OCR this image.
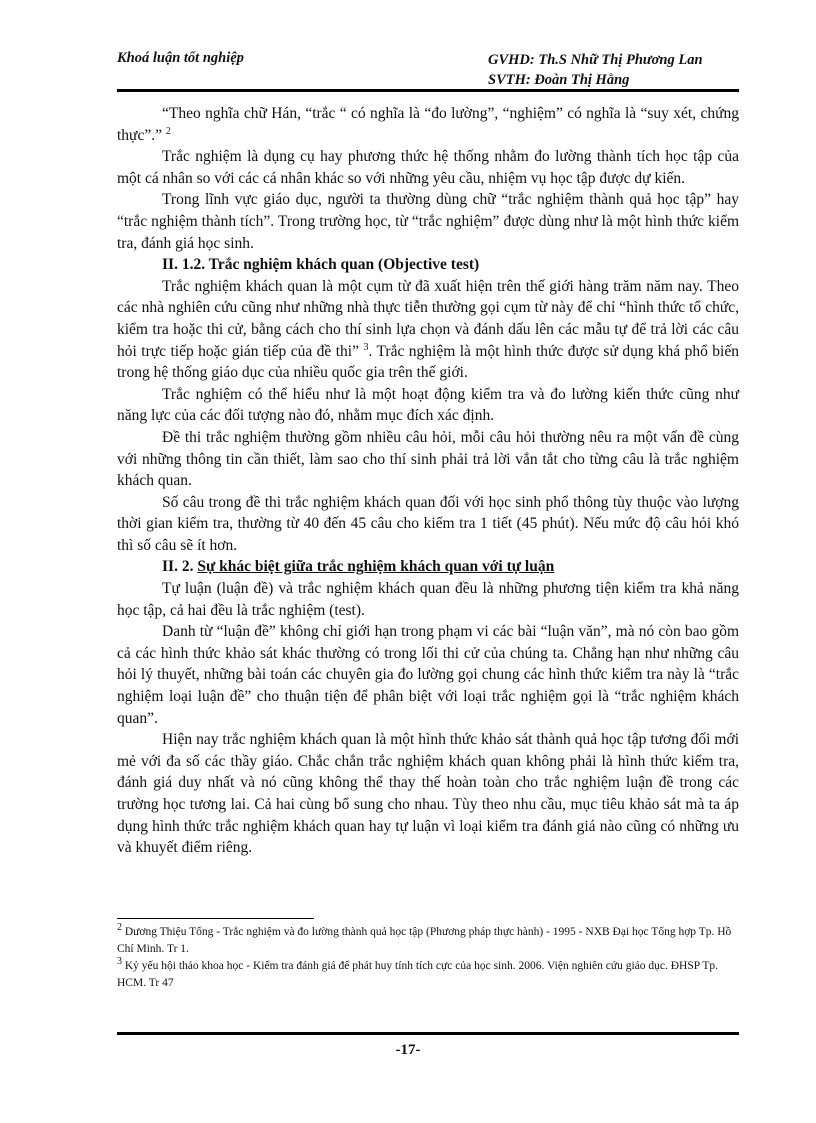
Khoá luận tốt nghiệp	GVHD: Th.S Nhữ Thị Phương Lan
SVTH: Đoàn Thị Hằng

“Theo nghĩa chữ Hán, “trắc “ có nghĩa là “đo lường”, “nghiệm” có nghĩa là “suy xét, chứng thực”.” $^2$

Trắc nghiệm là dụng cụ hay phương thức hệ thống nhằm đo lường thành tích học tập của một cá nhân so với các cá nhân khác so với những yêu cầu, nhiệm vụ học tập được dự kiến.

Trong lĩnh vực giáo dục, người ta thường dùng chữ “trắc nghiệm thành quả học tập” hay “trắc nghiệm thành tích”. Trong trường học, từ “trắc nghiệm” được dùng như là một hình thức kiểm tra, đánh giá học sinh.

II. 1.2. Trắc nghiệm khách quan (Objective test)

Trắc nghiệm khách quan là một cụm từ đã xuất hiện trên thế giới hàng trăm năm nay. Theo các nhà nghiên cứu cũng như những nhà thực tiễn thường gọi cụm từ này để chỉ “hình thức tổ chức, kiểm tra hoặc thi cử, bằng cách cho thí sinh lựa chọn và đánh dấu lên các mẫu tự để trả lời các câu hỏi trực tiếp hoặc gián tiếp của đề thi” $^3$. Trắc nghiệm là một hình thức được sử dụng khá phổ biến trong hệ thống giáo dục của nhiều quốc gia trên thế giới.

Trắc nghiệm có thể hiểu như là một hoạt động kiểm tra và đo lường kiến thức cũng như năng lực của các đối tượng nào đó, nhằm mục đích xác định.

Đề thi trắc nghiệm thường gồm nhiều câu hỏi, mỗi câu hỏi thường nêu ra một vấn đề cùng với những thông tin cần thiết, làm sao cho thí sinh phải trả lời vắn tắt cho từng câu là trắc nghiệm khách quan.

Số câu trong đề thi trắc nghiệm khách quan đối với học sinh phổ thông tùy thuộc vào lượng thời gian kiểm tra, thường từ 40 đến 45 câu cho kiểm tra 1 tiết (45 phút). Nếu mức độ câu hỏi khó thì số câu sẽ ít hơn.

II. 2. Sự khác biệt giữa trắc nghiệm khách quan với tự luận

Tự luận (luận đề) và trắc nghiệm khách quan đều là những phương tiện kiểm tra khả năng học tập, cả hai đều là trắc nghiệm (test).

Danh từ “luận đề” không chỉ giới hạn trong phạm vi các bài “luận văn”, mà nó còn bao gồm cả các hình thức khảo sát khác thường có trong lối thi cử của chúng ta. Chẳng hạn như những câu hỏi lý thuyết, những bài toán các chuyên gia đo lường gọi chung các hình thức kiểm tra này là “trắc nghiệm loại luận đề” cho thuận tiện để phân biệt với loại trắc nghiệm gọi là “trắc nghiệm khách quan”.

Hiện nay trắc nghiệm khách quan là một hình thức khảo sát thành quả học tập tương đối mới mẻ với đa số các thầy giáo. Chắc chắn trắc nghiệm khách quan không phải là hình thức kiểm tra, đánh giá duy nhất và nó cũng không thể thay thế hoàn toàn cho trắc nghiệm luận đề trong các trường học tương lai. Cả hai cùng bổ sung cho nhau. Tùy theo nhu cầu, mục tiêu khảo sát mà ta áp dụng hình thức trắc nghiệm khách quan hay tự luận vì loại kiểm tra đánh giá nào cũng có những ưu và khuyết điểm riêng.

$^2$ Dương Thiệu Tống - Trắc nghiệm và đo lường thành quả học tập (Phương pháp thực hành) - 1995 - NXB Đại học Tổng hợp Tp. Hồ Chí Minh. Tr 1.

$^3$ Kỷ yếu hội thảo khoa học - Kiểm tra đánh giá để phát huy tính tích cực của học sinh. 2006. Viện nghiên cứu giáo dục. ĐHSP Tp. HCM. Tr 47

-17-
